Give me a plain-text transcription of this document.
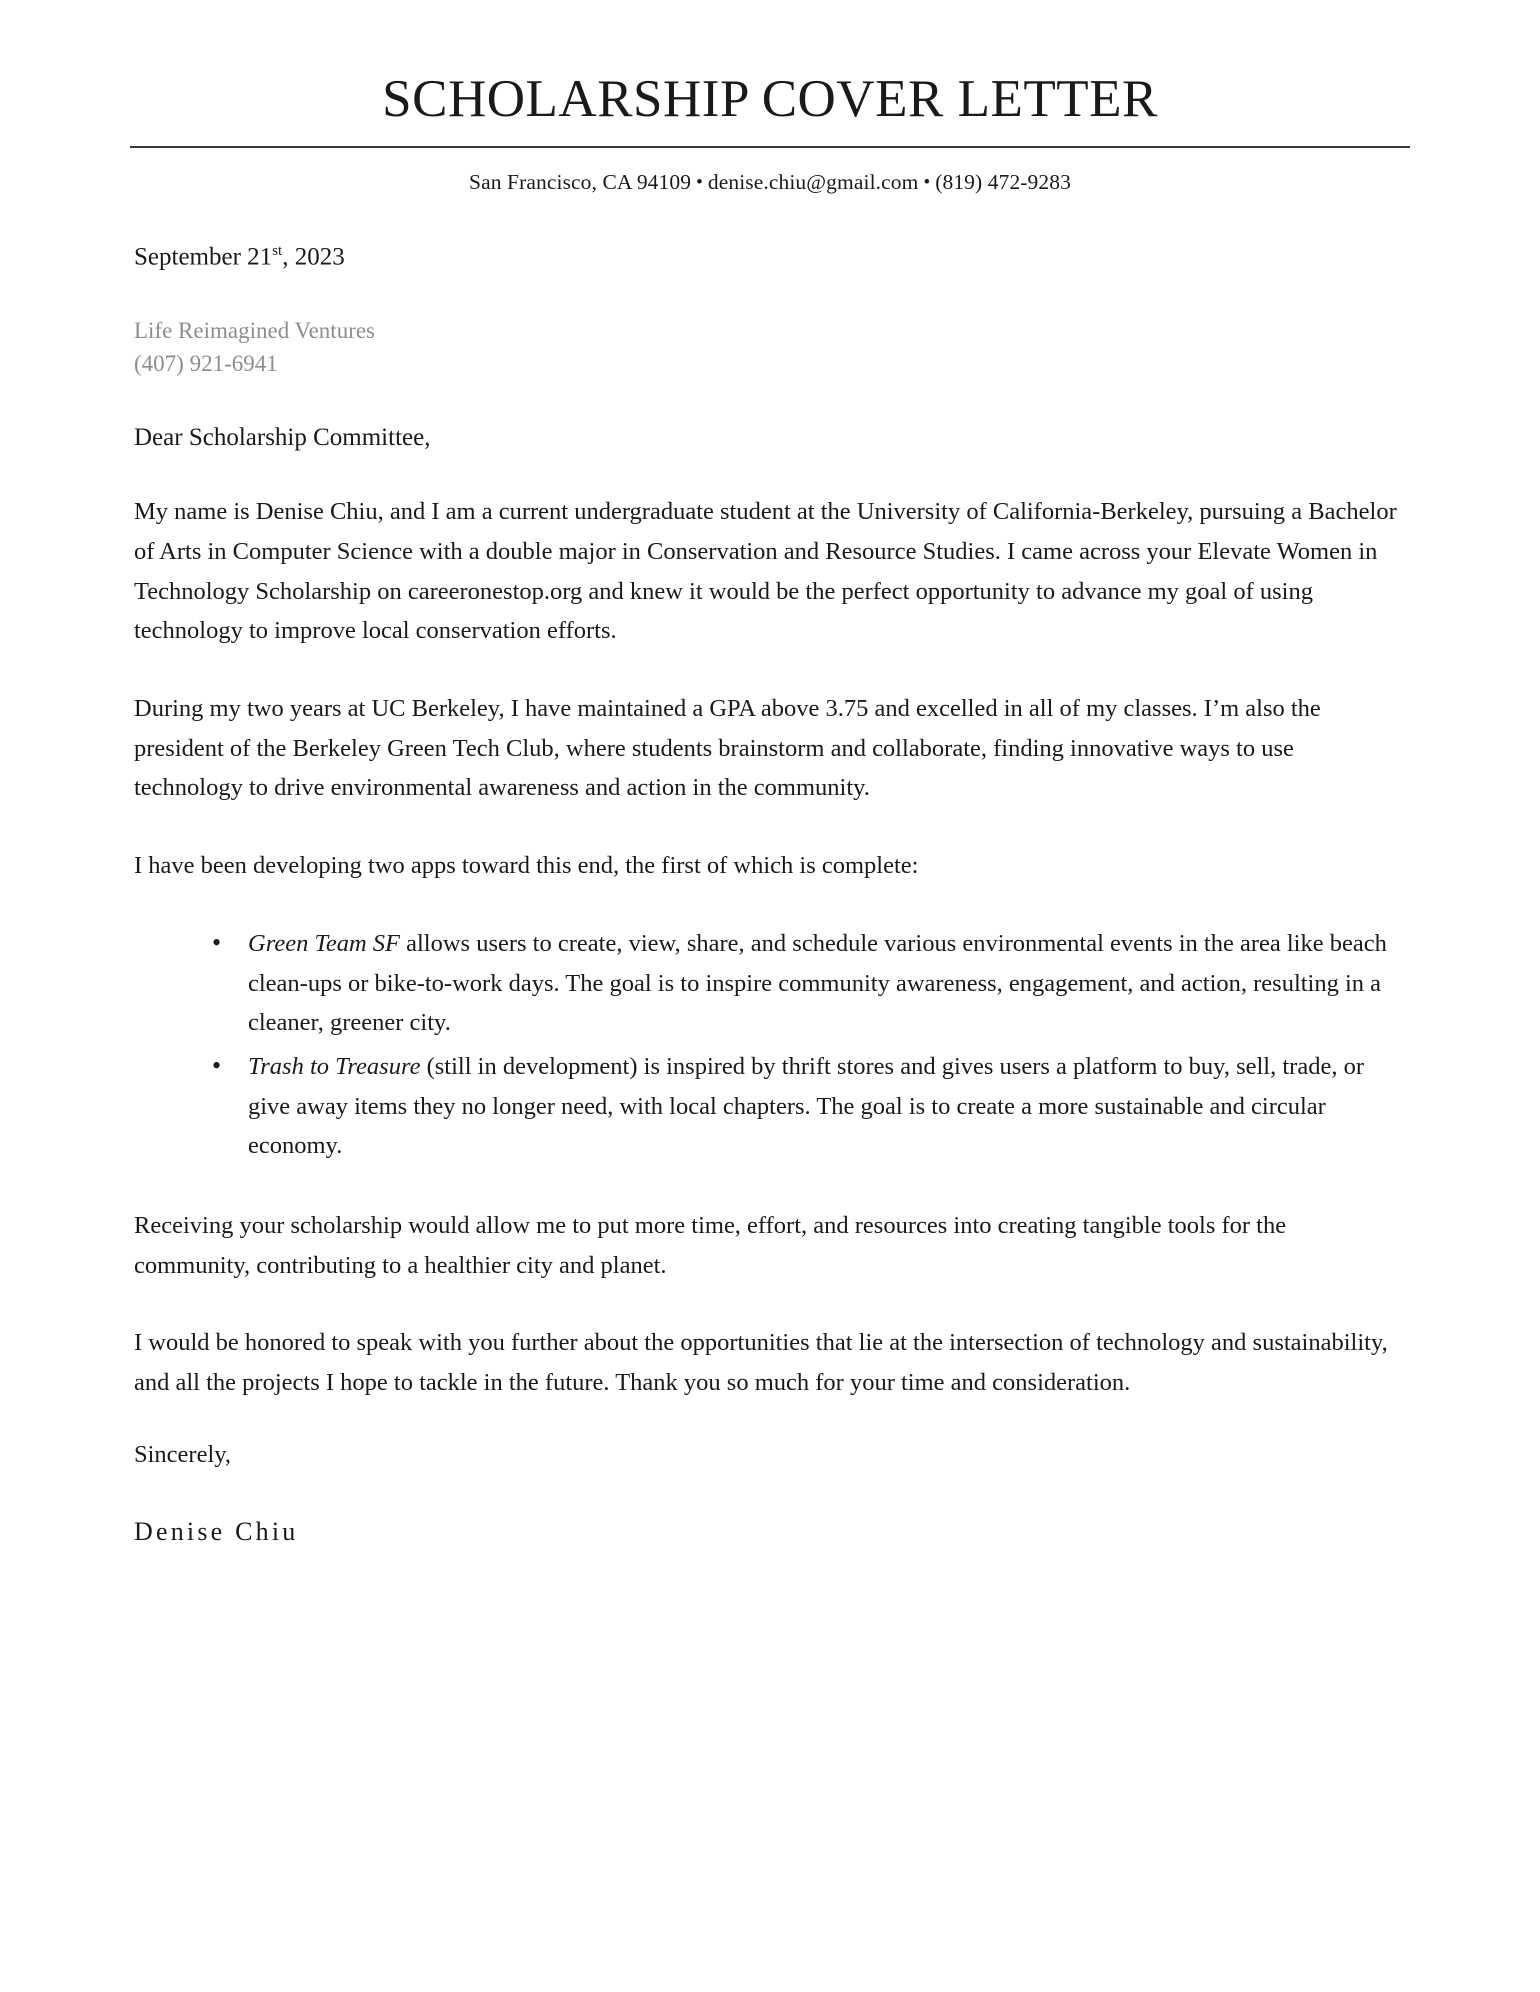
SCHOLARSHIP COVER LETTER
San Francisco, CA 94109 • denise.chiu@gmail.com • (819) 472-9283
September 21st, 2023
Life Reimagined Ventures
(407) 921-6941
Dear Scholarship Committee,

My name is Denise Chiu, and I am a current undergraduate student at the University of California-Berkeley, pursuing a Bachelor of Arts in Computer Science with a double major in Conservation and Resource Studies. I came across your Elevate Women in Technology Scholarship on careeronestop.org and knew it would be the perfect opportunity to advance my goal of using technology to improve local conservation efforts.

During my two years at UC Berkeley, I have maintained a GPA above 3.75 and excelled in all of my classes. I’m also the president of the Berkeley Green Tech Club, where students brainstorm and collaborate, finding innovative ways to use technology to drive environmental awareness and action in the community.

I have been developing two apps toward this end, the first of which is complete:

• Green Team SF allows users to create, view, share, and schedule various environmental events in the area like beach clean-ups or bike-to-work days. The goal is to inspire community awareness, engagement, and action, resulting in a cleaner, greener city.
• Trash to Treasure (still in development) is inspired by thrift stores and gives users a platform to buy, sell, trade, or give away items they no longer need, with local chapters. The goal is to create a more sustainable and circular economy.

Receiving your scholarship would allow me to put more time, effort, and resources into creating tangible tools for the community, contributing to a healthier city and planet.

I would be honored to speak with you further about the opportunities that lie at the intersection of technology and sustainability, and all the projects I hope to tackle in the future. Thank you so much for your time and consideration.

Sincerely,
Denise Chiu
